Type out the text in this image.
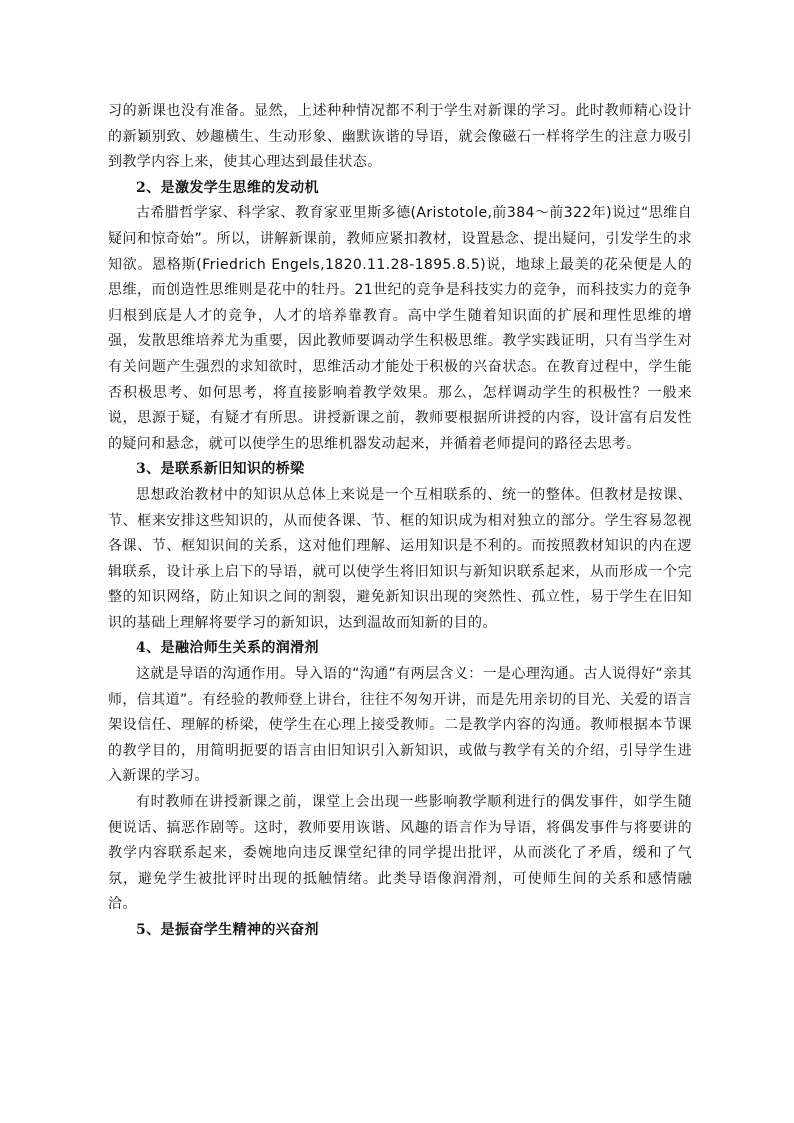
习的新课也没有准备。显然，上述种种情况都不利于学生对新课的学习。此时教师精心设计的新颖别致、妙趣横生、生动形象、幽默诙谐的导语，就会像磁石一样将学生的注意力吸引到教学内容上来，使其心理达到最佳状态。

2、是激发学生思维的发动机

古希腊哲学家、科学家、教育家亚里斯多德(Aristotole,前384～前322年)说过“思维自疑问和惊奇始”。所以，讲解新课前，教师应紧扣教材，设置悬念、提出疑问，引发学生的求知欲。恩格斯(Friedrich Engels,1820.11.28-1895.8.5)说，地球上最美的花朵便是人的思维，而创造性思维则是花中的牡丹。21世纪的竞争是科技实力的竞争，而科技实力的竞争归根到底是人才的竞争，人才的培养靠教育。高中学生随着知识面的扩展和理性思维的增强，发散思维培养尤为重要，因此教师要调动学生积极思维。教学实践证明，只有当学生对有关问题产生强烈的求知欲时，思维活动才能处于积极的兴奋状态。在教育过程中，学生能否积极思考、如何思考，将直接影响着教学效果。那么，怎样调动学生的积极性？一般来说，思源于疑，有疑才有所思。讲授新课之前，教师要根据所讲授的内容，设计富有启发性的疑问和悬念，就可以使学生的思维机器发动起来，并循着老师提问的路径去思考。

3、是联系新旧知识的桥梁

思想政治教材中的知识从总体上来说是一个互相联系的、统一的整体。但教材是按课、节、框来安排这些知识的，从而使各课、节、框的知识成为相对独立的部分。学生容易忽视各课、节、框知识间的关系，这对他们理解、运用知识是不利的。而按照教材知识的内在逻辑联系，设计承上启下的导语，就可以使学生将旧知识与新知识联系起来，从而形成一个完整的知识网络，防止知识之间的割裂，避免新知识出现的突然性、孤立性，易于学生在旧知识的基础上理解将要学习的新知识，达到温故而知新的目的。

4、是融洽师生关系的润滑剂

这就是导语的沟通作用。导入语的“沟通”有两层含义：一是心理沟通。古人说得好“亲其师，信其道”。有经验的教师登上讲台，往往不匆匆开讲，而是先用亲切的目光、关爱的语言架设信任、理解的桥梁，使学生在心理上接受教师。二是教学内容的沟通。教师根据本节课的教学目的，用简明扼要的语言由旧知识引入新知识，或做与教学有关的介绍，引导学生进入新课的学习。

有时教师在讲授新课之前，课堂上会出现一些影响教学顺利进行的偶发事件，如学生随便说话、搞恶作剧等。这时，教师要用诙谐、风趣的语言作为导语，将偶发事件与将要讲的教学内容联系起来，委婉地向违反课堂纪律的同学提出批评，从而淡化了矛盾，缓和了气氛，避免学生被批评时出现的抵触情绪。此类导语像润滑剂，可使师生间的关系和感情融洽。

5、是振奋学生精神的兴奋剂
